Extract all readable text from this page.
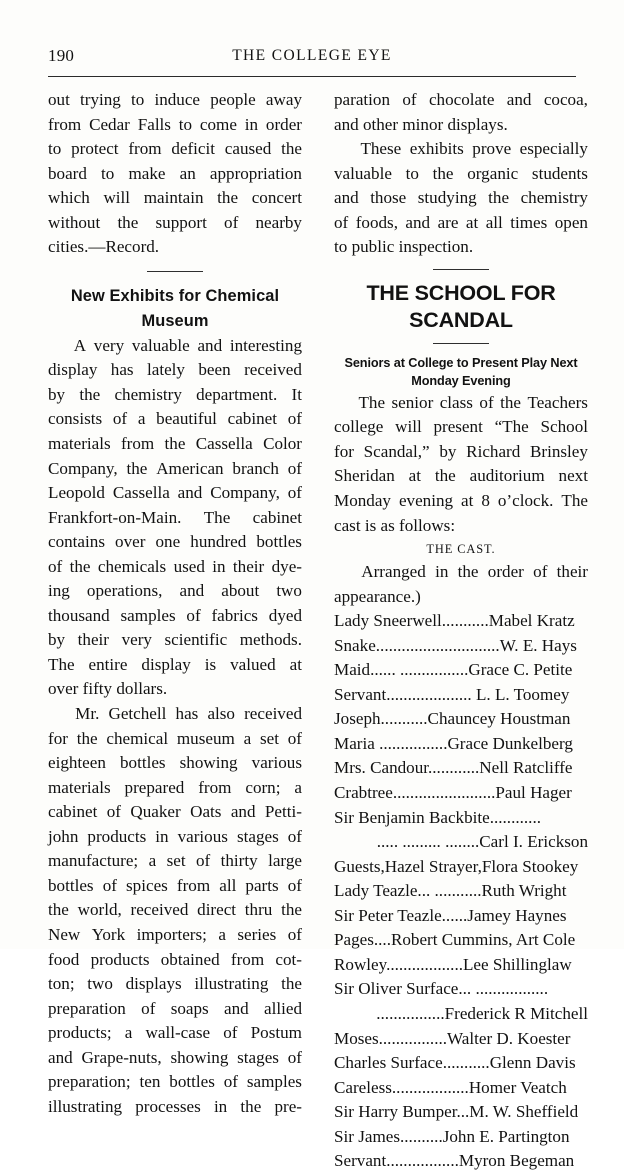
190	THE COLLEGE EYE
out trying to induce people away
from Cedar Falls to come in order
to protect from deficit caused the
board to make an appropriation
which will maintain the concert
without the support of nearby
cities.—Record.
New Exhibits for Chemical
Museum
A very valuable and interesting
display has lately been received
by the chemistry department. It
consists of a beautiful cabinet of
materials from the Cassella Color
Company, the American branch of
Leopold Cassella and Company, of
Frankfort-on-Main. The cabinet
contains over one hundred bottles
of the chemicals used in their dye-
ing operations, and about two
thousand samples of fabrics dyed
by their very scientific methods.
The entire display is valued at
over fifty dollars.
Mr. Getchell has also received
for the chemical museum a set of
eighteen bottles showing various
materials prepared from corn; a
cabinet of Quaker Oats and Petti-
john products in various stages of
manufacture; a set of thirty large
bottles of spices from all parts of
the world, received direct thru the
New York importers; a series of
food products obtained from cot-
ton; two displays illustrating the
preparation of soaps and allied
products; a wall-case of Postum
and Grape-nuts, showing stages of
preparation; ten bottles of samples
illustrating processes in the pre-
paration of chocolate and cocoa,
and other minor displays.
These exhibits prove especially
valuable to the organic students
and those studying the chemistry
of foods, and are at all times open
to public inspection.
THE SCHOOL FOR SCANDAL
Seniors at College to Present Play Next
Monday Evening
The senior class of the Teachers
college will present “The School
for Scandal,” by Richard Brinsley
Sheridan at the auditorium next
Monday evening at 8 o’clock. The
cast is as follows:
THE CAST.
Arranged in the order of their
appearance.)
Lady Sneerwell...........Mabel Kratz
Snake.............................W. E. Hays
Maid...... ................Grace C. Petite
Servant.................... L. L. Toomey
Joseph...........Chauncey Houstman
Maria ................Grace Dunkelberg
Mrs. Candour............Nell Ratcliffe
Crabtree........................Paul Hager
Sir Benjamin Backbite............
..... ......... ........Carl I. Erickson
Guests,Hazel Strayer,Flora Stookey
Lady Teazle... ...........Ruth Wright
Sir Peter Teazle......Jamey Haynes
Pages....Robert Cummins, Art Cole
Rowley..................Lee Shillinglaw
Sir Oliver Surface... .................
................Frederick R Mitchell
Moses................Walter D. Koester
Charles Surface...........Glenn Davis
Careless..................Homer Veatch
Sir Harry Bumper...M. W. Sheffield
Sir James..........John E. Partington
Servant.................Myron Begeman
